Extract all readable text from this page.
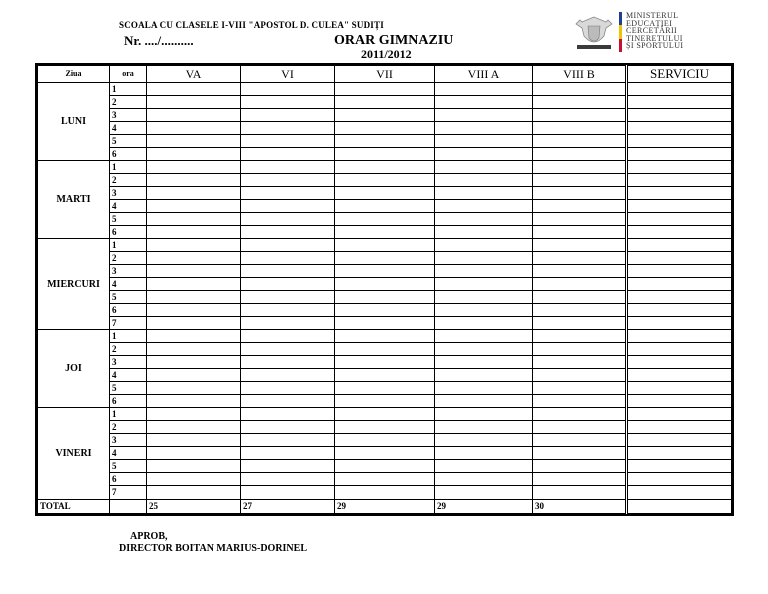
SCOALA CU CLASELE I-VIII "APOSTOL D. CULEA" SUDIȚI
Nr. ..../..........	ORAR GIMNAZIU
2011/2012
MINISTERUL
EDUCAȚIEI
CERCETĂRII
TINERETULUI
ȘI SPORTULUI
Ziua	ora	VA	VI	VII	VIII A	VIII B	SERVICIU
LUNI	1						
	2						
	3						
	4						
	5						
	6						
MARTI	1						
	2						
	3						
	4						
	5						
	6						
MIERCURI	1						
	2						
	3						
	4						
	5						
	6						
	7						
JOI	1						
	2						
	3						
	4						
	5						
	6						
VINERI	1						
	2						
	3						
	4						
	5						
	6						
	7						
TOTAL		25	27	29	29	30	
APROB,
DIRECTOR BOITAN MARIUS-DORINEL
